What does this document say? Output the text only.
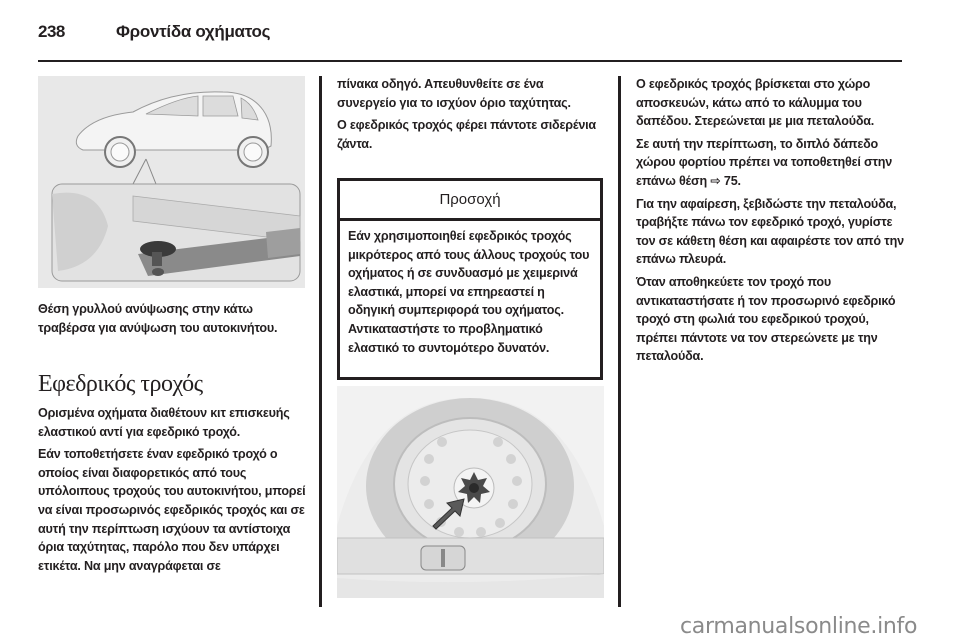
238	Φροντίδα οχήματος
Θέση γρυλλού ανύψωσης στην κάτω τραβέρσα για ανύψωση του αυτοκινήτου.
Εφεδρικός τροχός

Ορισμένα οχήματα διαθέτουν κιτ επισκευής ελαστικού αντί για εφεδρικό τροχό.

Εάν τοποθετήσετε έναν εφεδρικό τροχό ο οποίος είναι διαφορετικός από τους υπόλοιπους τροχούς του αυτοκινήτου, μπορεί να είναι προσωρινός εφεδρικός τροχός και σε αυτή την περίπτωση ισχύουν τα αντίστοιχα όρια ταχύτητας, παρόλο που δεν υπάρχει ετικέτα. Να μην αναγράφεται σε

πίνακα οδηγό. Απευθυνθείτε σε ένα συνεργείο για το ισχύον όριο ταχύτητας.

Ο εφεδρικός τροχός φέρει πάντοτε σιδερένια ζάντα.

Προσοχή
Εάν χρησιμοποιηθεί εφεδρικός τροχός μικρότερος από τους άλλους τροχούς του οχήματος ή σε συνδυασμό με χειμερινά ελαστικά, μπορεί να επηρεαστεί η οδηγική συμπεριφορά του οχήματος. Αντικαταστήστε το προβληματικό ελαστικό το συντομότερο δυνατόν.

Ο εφεδρικός τροχός βρίσκεται στο χώρο αποσκευών, κάτω από το κάλυμμα του δαπέδου. Στερεώνεται με μια πεταλούδα.

Σε αυτή την περίπτωση, το διπλό δάπεδο χώρου φορτίου πρέπει να τοποθετηθεί στην επάνω θέση ⇨ 75.

Για την αφαίρεση, ξεβιδώστε την πεταλούδα, τραβήξτε πάνω τον εφεδρικό τροχό, γυρίστε τον σε κάθετη θέση και αφαιρέστε τον από την επάνω πλευρά.

Όταν αποθηκεύετε τον τροχό που αντικαταστήσατε ή τον προσωρινό εφεδρικό τροχό στη φωλιά του εφεδρικού τροχού, πρέπει πάντοτε να τον στερεώνετε με την πεταλούδα.

carmanualsonline.info
